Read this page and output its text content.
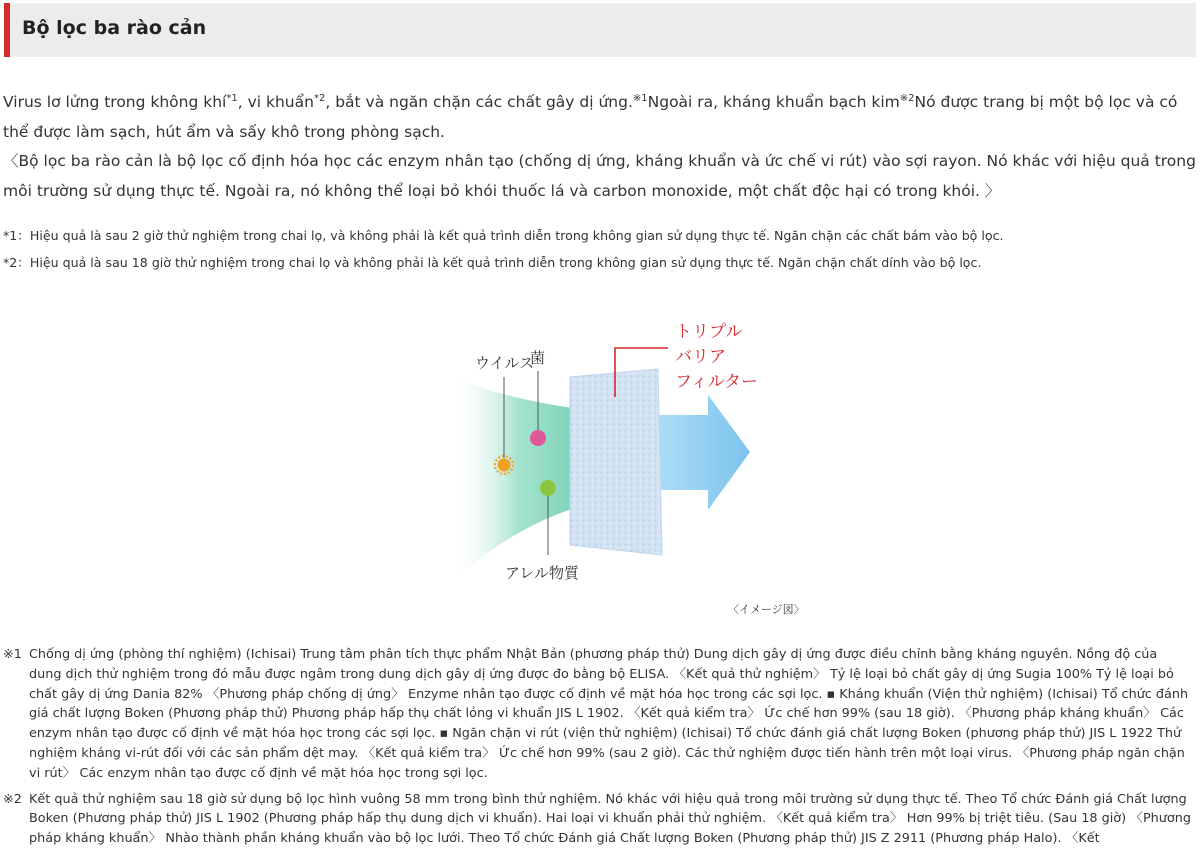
Bộ lọc ba rào cản

Virus lơ lửng trong không khí$^{*1}$, vi khuẩn$^{*2}$, bắt và ngăn chặn các chất gây dị ứng.$^{※1}$Ngoài ra, kháng khuẩn bạch kim$^{※2}$Nó được trang bị một bộ lọc và có thể được làm sạch, hút ẩm và sấy khô trong phòng sạch.

〈Bộ lọc ba rào cản là bộ lọc cố định hóa học các enzym nhân tạo (chống dị ứng, kháng khuẩn và ức chế vi rút) vào sợi rayon. Nó khác với hiệu quả trong môi trường sử dụng thực tế. Ngoài ra, nó không thể loại bỏ khói thuốc lá và carbon monoxide, một chất độc hại có trong khói. 〉

*1：Hiệu quả là sau 2 giờ thử nghiệm trong chai lọ, và không phải là kết quả trình diễn trong không gian sử dụng thực tế. Ngăn chặn các chất bám vào bộ lọc.
*2：Hiệu quả là sau 18 giờ thử nghiệm trong chai lọ và không phải là kết quả trình diễn trong không gian sử dụng thực tế. Ngăn chặn chất dính vào bộ lọc.
ウイルス
菌
アレル物質
トリプル
バリア
フィルター
〈イメージ図〉
※1 Chống dị ứng (phòng thí nghiệm) (Ichisai) Trung tâm phân tích thực phẩm Nhật Bản (phương pháp thử) Dung dịch gây dị ứng được điều chỉnh bằng kháng nguyên. Nồng độ của dung dịch thử nghiệm trong đó mẫu được ngâm trong dung dịch gây dị ứng được đo bằng bộ ELISA. 〈Kết quả thử nghiệm〉 Tỷ lệ loại bỏ chất gây dị ứng Sugia 100% Tỷ lệ loại bỏ chất gây dị ứng Dania 82% 〈Phương pháp chống dị ứng〉 Enzyme nhân tạo được cố định về mặt hóa học trong các sợi lọc. ▪ Kháng khuẩn (Viện thử nghiệm) (Ichisai) Tổ chức đánh giá chất lượng Boken (Phương pháp thử) Phương pháp hấp thụ chất lỏng vi khuẩn JIS L 1902. 〈Kết quả kiểm tra〉 Ức chế hơn 99% (sau 18 giờ). 〈Phương pháp kháng khuẩn〉 Các enzym nhân tạo được cố định về mặt hóa học trong các sợi lọc. ▪ Ngăn chặn vi rút (viện thử nghiệm) (Ichisai) Tổ chức đánh giá chất lượng Boken (phương pháp thử) JIS L 1922 Thử nghiệm kháng vi-rút đối với các sản phẩm dệt may. 〈Kết quả kiểm tra〉 Ức chế hơn 99% (sau 2 giờ). Các thử nghiệm được tiến hành trên một loại virus. 〈Phương pháp ngăn chặn vi rút〉 Các enzym nhân tạo được cố định về mặt hóa học trong sợi lọc.
※2 Kết quả thử nghiệm sau 18 giờ sử dụng bộ lọc hình vuông 58 mm trong bình thử nghiệm. Nó khác với hiệu quả trong môi trường sử dụng thực tế. Theo Tổ chức Đánh giá Chất lượng Boken (Phương pháp thử) JIS L 1902 (Phương pháp hấp thụ dung dịch vi khuẩn). Hai loại vi khuẩn phải thử nghiệm. 〈Kết quả kiểm tra〉 Hơn 99% bị triệt tiêu. (Sau 18 giờ) 〈Phương pháp kháng khuẩn〉 Nhào thành phần kháng khuẩn vào bộ lọc lưới. Theo Tổ chức Đánh giá Chất lượng Boken (Phương pháp thử) JIS Z 2911 (Phương pháp Halo). 〈Kết
